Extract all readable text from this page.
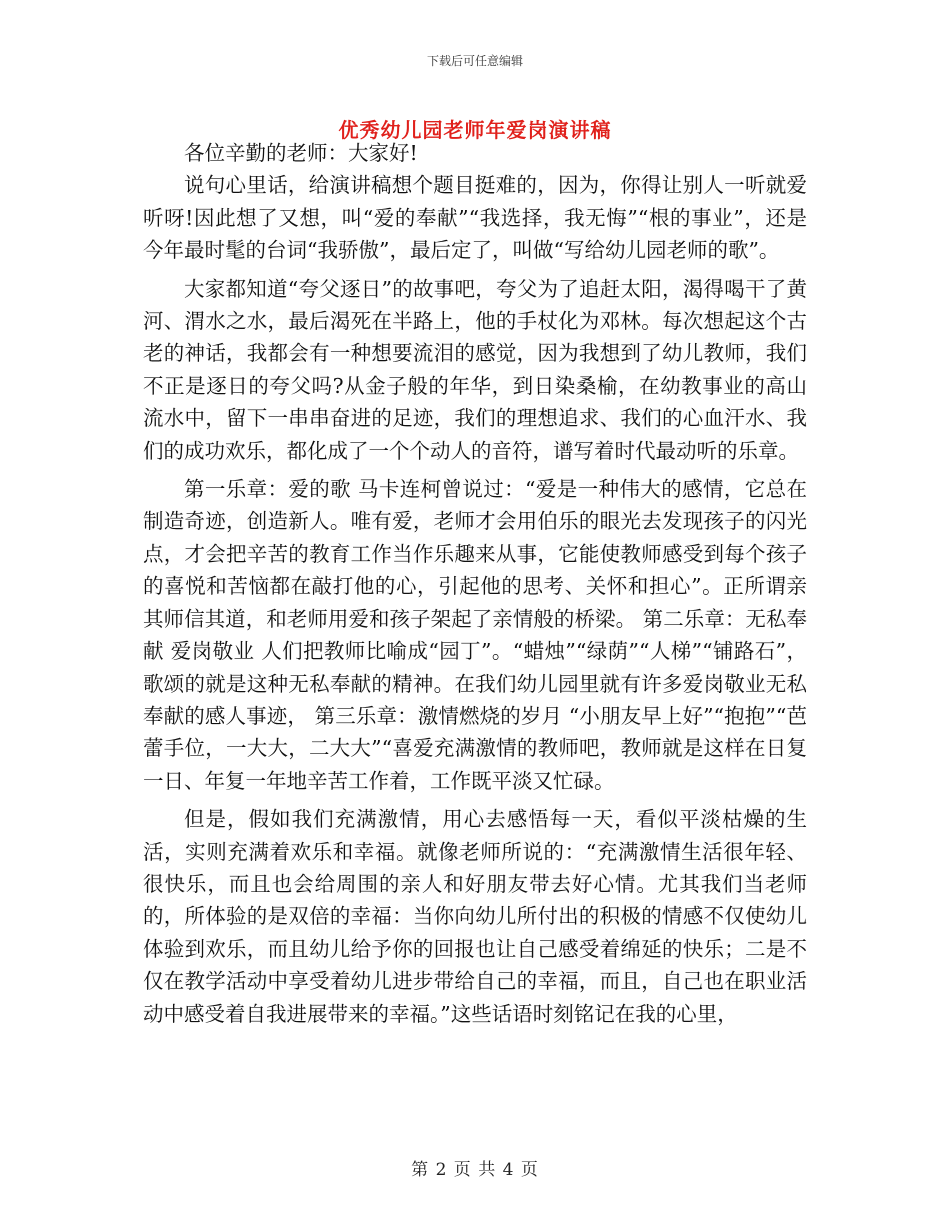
下载后可任意编辑
优秀幼儿园老师年爱岗演讲稿

各位辛勤的老师：大家好!

说句心里话，给演讲稿想个题目挺难的，因为，你得让别人一听就爱听呀!因此想了又想，叫“爱的奉献”“我选择，我无悔”“根的事业”，还是今年最时髦的台词“我骄傲”，最后定了，叫做“写给幼儿园老师的歌”。

大家都知道“夸父逐日”的故事吧，夸父为了追赶太阳，渴得喝干了黄河、渭水之水，最后渴死在半路上，他的手杖化为邓林。每次想起这个古老的神话，我都会有一种想要流泪的感觉，因为我想到了幼儿教师，我们不正是逐日的夸父吗?从金子般的年华，到日染桑榆，在幼教事业的高山流水中，留下一串串奋进的足迹，我们的理想追求、我们的心血汗水、我们的成功欢乐，都化成了一个个动人的音符，谱写着时代最动听的乐章。

第一乐章：爱的歌 马卡连柯曾说过：“爱是一种伟大的感情，它总在制造奇迹，创造新人。唯有爱，老师才会用伯乐的眼光去发现孩子的闪光点，才会把辛苦的教育工作当作乐趣来从事，它能使教师感受到每个孩子的喜悦和苦恼都在敲打他的心，引起他的思考、关怀和担心”。正所谓亲其师信其道，和老师用爱和孩子架起了亲情般的桥梁。 第二乐章：无私奉献 爱岗敬业 人们把教师比喻成“园丁”。“蜡烛”“绿荫”“人梯”“铺路石”，歌颂的就是这种无私奉献的精神。在我们幼儿园里就有许多爱岗敬业无私奉献的感人事迹， 第三乐章：激情燃烧的岁月 “小朋友早上好”“抱抱”“芭蕾手位，一大大，二大大”“喜爱充满激情的教师吧，教师就是这样在日复一日、年复一年地辛苦工作着，工作既平淡又忙碌。

但是，假如我们充满激情，用心去感悟每一天，看似平淡枯燥的生活，实则充满着欢乐和幸福。就像老师所说的：“充满激情生活很年轻、很快乐，而且也会给周围的亲人和好朋友带去好心情。尤其我们当老师的，所体验的是双倍的幸福：当你向幼儿所付出的积极的情感不仅使幼儿体验到欢乐，而且幼儿给予你的回报也让自己感受着绵延的快乐；二是不仅在教学活动中享受着幼儿进步带给自己的幸福，而且，自己也在职业活动中感受着自我进展带来的幸福。”这些话语时刻铭记在我的心里，

第 2 页 共 4 页
